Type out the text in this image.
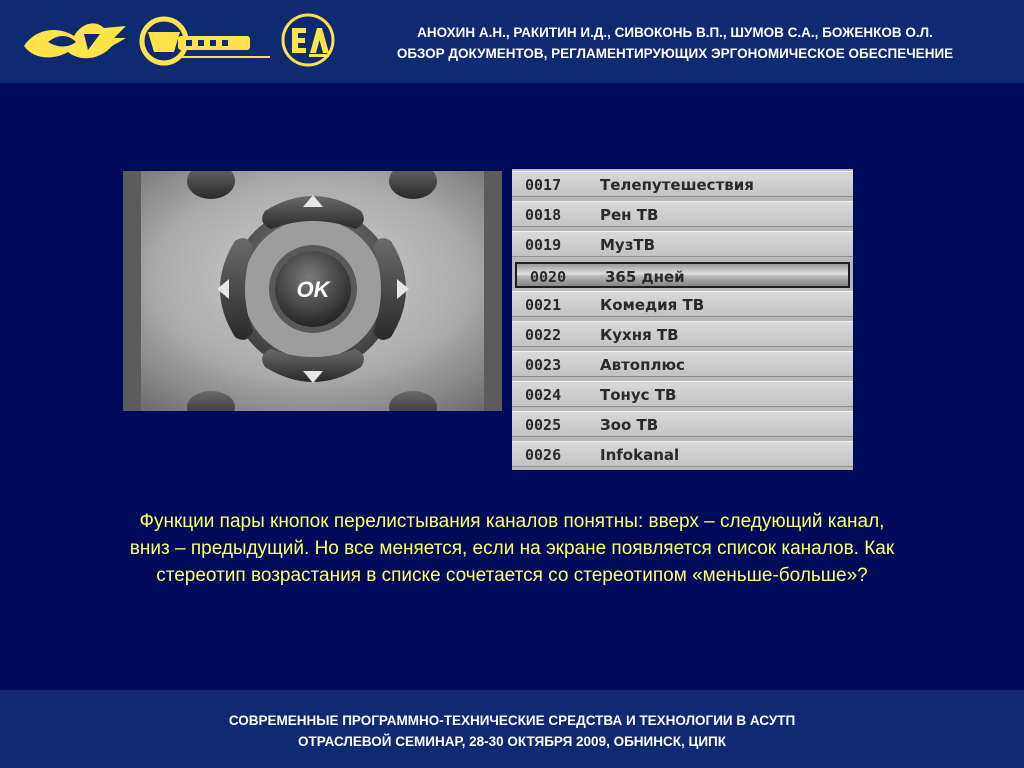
АНОХИН А.Н., РАКИТИН И.Д., СИВОКОНЬ В.П., ШУМОВ С.А., БОЖЕНКОВ О.Л.
ОБЗОР ДОКУМЕНТОВ, РЕГЛАМЕНТИРУЮЩИХ ЭРГОНОМИЧЕСКОЕ ОБЕСПЕЧЕНИЕ
OK
0017	Телепутешествия
0018	Рен ТВ
0019	МузТВ
0020	365 дней
0021	Комедия ТВ
0022	Кухня ТВ
0023	Автоплюс
0024	Тонус ТВ
0025	Зоо ТВ
0026	Infokanal
Функции пары кнопок перелистывания каналов понятны: вверх – следующий канал,
вниз – предыдущий. Но все меняется, если на экране появляется список каналов. Как
стереотип возрастания в списке сочетается со стереотипом «меньше-больше»?
СОВРЕМЕННЫЕ ПРОГРАММНО-ТЕХНИЧЕСКИЕ СРЕДСТВА И ТЕХНОЛОГИИ В АСУТП
ОТРАСЛЕВОЙ СЕМИНАР, 28-30 ОКТЯБРЯ 2009, ОБНИНСК, ЦИПК
